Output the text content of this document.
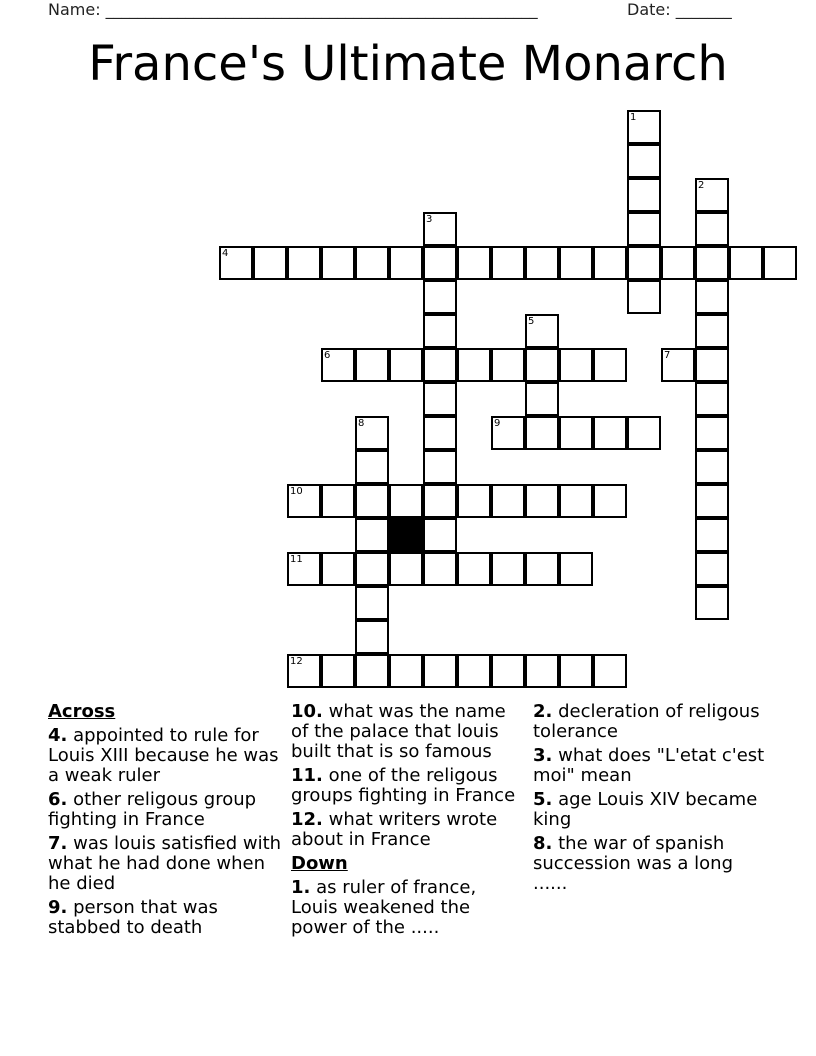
Name: ______________________________________________________	Date: _______
France's Ultimate Monarch
1
2
3
4
5
6	7
8	9
10
11
12
Across
4. appointed to rule for Louis XIII because he was a weak ruler
6. other religous group fighting in France
7. was louis satisfied with what he had done when he died
9. person that was stabbed to death
10. what was the name of the palace that louis built that is so famous
11. one of the religous groups fighting in France
12. what writers wrote about in France
Down
1. as ruler of france, Louis weakened the power of the .....
2. decleration of religous tolerance
3. what does "L'etat c'est moi" mean
5. age Louis XIV became king
8. the war of spanish succession was a long ......
